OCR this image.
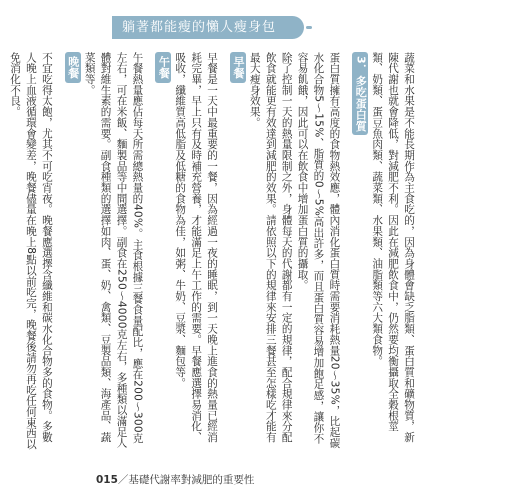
躺著都能瘦的懶人瘦身包

蔬菜和水果是不能長期作為主食吃的，因為身體會缺乏脂類、蛋白質和礦物質，新陳代謝也就會降低，對減肥不利。因此在減肥飲食中，仍然要均衡攝取全穀根莖類、奶類、蛋豆魚肉類、蔬菜類、水果類、油脂類等六大類食物。

3．多吃蛋白質

蛋白質擁有高度的食物熱效應，體內消化蛋白質時需要消耗熱量20～35%，比起碳水化合物5～15%、脂質的0～5%高出許多，而且蛋白質容易增加飽足感，讓你不容易飢餓，因此可以在飲食中增加蛋白質的攝取。

除了控制一天的熱量限制之外，身體每天的代謝都有一定的規律，配合規律來分配飲食就能更有效達到減肥的效果。請依照以下的規律來安排三餐甚至怎樣吃才能有最大瘦身效果。

早餐

早餐是一天中最重要的一餐，因為經過一夜的睡眠，到一天晚上進食的熱量已經消耗完畢，早上只有及時補充營養，才能滿足上午工作的需要。早餐應選擇易消化、吸收，纖維質高低脂及低糖的食物為佳，如粥、牛奶、豆漿、麵包等。

午餐

午餐熱量應佔每天所需總熱量的40%。主食根據三餐食量配比，應在200～300克左右，可在米飯、麵製品等中間選擇。副食在250～4000克左右，多種類以滿足人體對維生素的需要。副食種類的選擇如肉、蛋、奶、禽類、豆製品類、海產品、蔬菜類等。

晚餐

不宜吃得太飽，尤其不可吃宵夜。晚餐應選擇含纖維和碳水化合物多的食物。多數人晚上血液循環會變差，晚餐儘量在晚上8點以前吃完，晚餐後請勿再吃任何東西以免消化不良。

015／基礎代謝率對減肥的重要性
